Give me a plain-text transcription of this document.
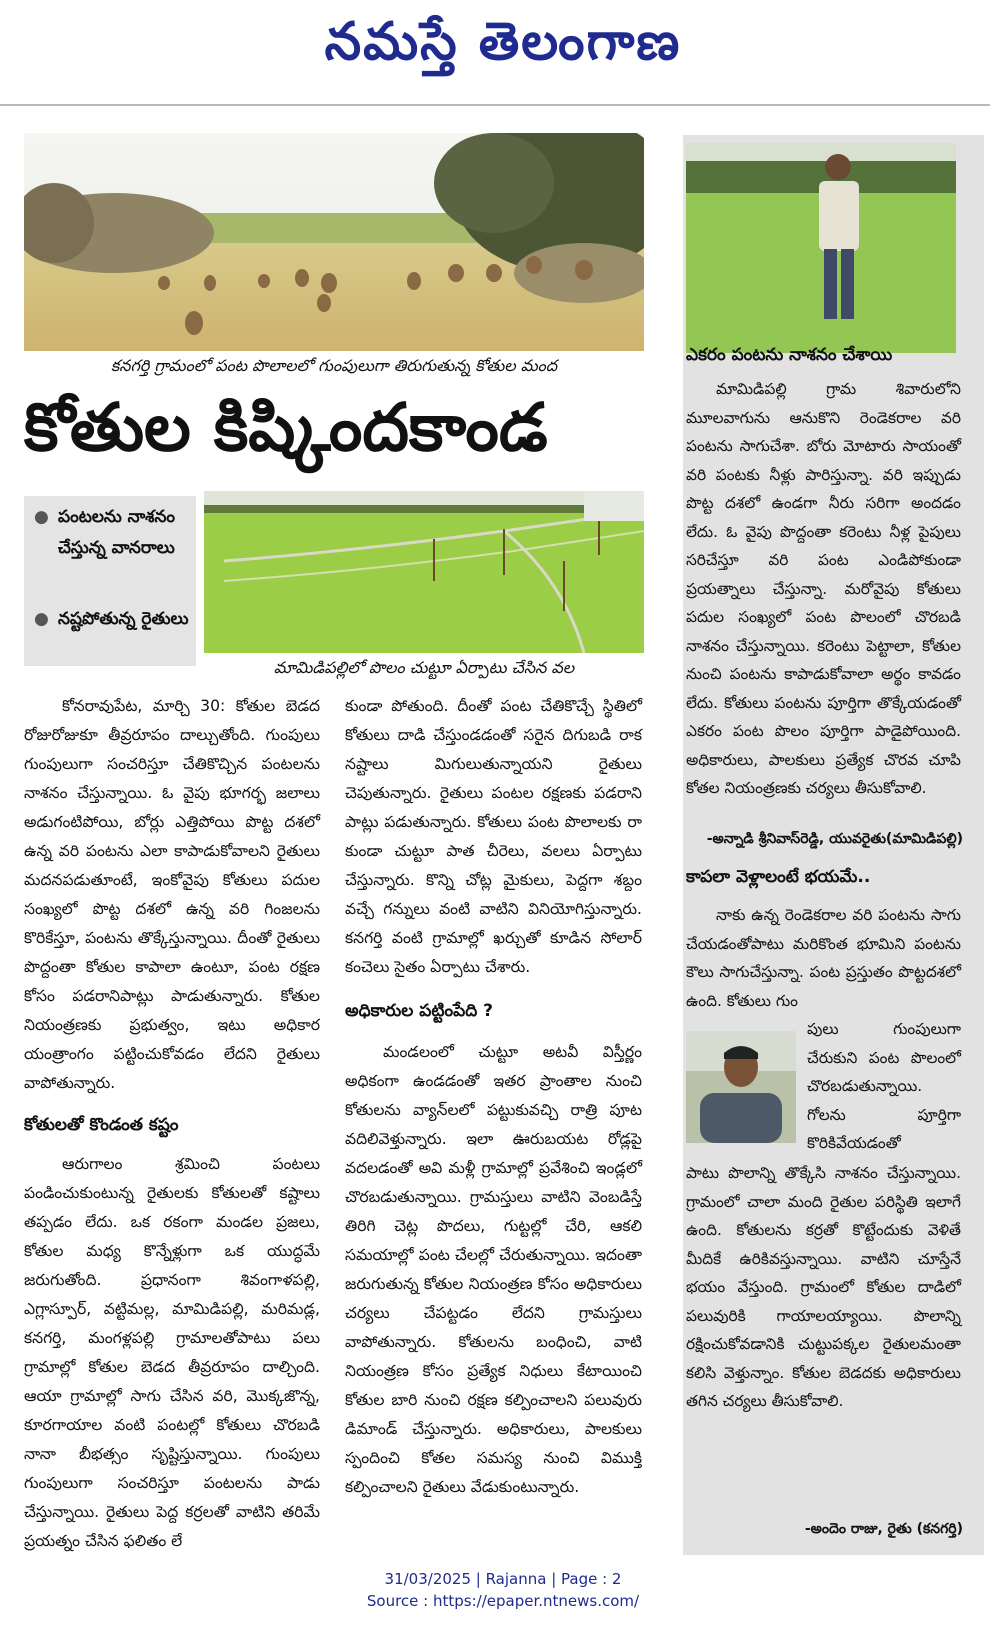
నమస్తే తెలంగాణ
కనగర్తి గ్రామంలో పంట పొలాలలో గుంపులుగా తిరుగుతున్న కోతుల మంద
కోతుల కిష్కిందకాండ
● పంటలను నాశనం చేస్తున్న వానరాలు
● నష్టపోతున్న రైతులు
మామిడిపల్లిలో పొలం చుట్టూ ఏర్పాటు చేసిన వల

కోనరావుపేట, మార్చి 30: కోతుల బెడద రోజురోజుకూ తీవ్రరూపం దాల్చుతోంది. గుంపులు గుంపులుగా సంచరిస్తూ చేతికొచ్చిన పంటలను నాశనం చేస్తున్నాయి. ఓ వైపు భూగర్భ జలాలు అడుగంటిపోయి, బోర్లు ఎత్తిపోయి పొట్ట దశలో ఉన్న వరి పంటను ఎలా కాపాడుకోవాలని రైతులు మదనపడుతూంటే, ఇంకోవైపు కోతులు పదుల సంఖ్యలో పొట్ట దశలో ఉన్న వరి గింజలను కొరికేస్తూ, పంటను తొక్కేస్తున్నాయి. దీంతో రైతులు పొద్దంతా కోతుల కాపాలా ఉంటూ, పంట రక్షణ కోసం పడరానిపాట్లు పాడుతున్నారు. కోతుల నియంత్రణకు ప్రభుత్వం, ఇటు అధికార యంత్రాంగం పట్టించుకోవడం లేదని రైతులు వాపోతున్నారు.

కోతులతో కొండంత కష్టం

ఆరుగాలం శ్రమించి పంటలు పండించుకుంటున్న రైతులకు కోతులతో కష్టాలు తప్పడం లేదు. ఒక రకంగా మండల ప్రజలు, కోతుల మధ్య కొన్నేళ్లుగా ఒక యుద్ధమే జరుగుతోంది. ప్రధానంగా శివంగాళపల్లి, ఎగ్లాస్పూర్, వట్టిమల్ల, మామిడిపల్లి, మరిమడ్ల, కనగర్తి, మంగళ్లపల్లి గ్రామాలతోపాటు పలు గ్రామాల్లో కోతుల బెడద తీవ్రరూపం దాల్చింది. ఆయా గ్రామాల్లో సాగు చేసిన వరి, మొక్కజొన్న, కూరగాయాల వంటి పంటల్లో కోతులు చొరబడి నానా బీభత్సం సృష్టిస్తున్నాయి. గుంపులు గుంపులుగా సంచరిస్తూ పంటలను పాడు చేస్తున్నాయి. రైతులు పెద్ద కర్రలతో వాటిని తరిమే ప్రయత్నం చేసిన ఫలితం లే

కుండా పోతుంది. దీంతో పంట చేతికొచ్చే స్థితిలో కోతులు దాడి చేస్తుండడంతో సరైన దిగుబడి రాక నష్టాలు మిగులుతున్నాయని రైతులు చెపుతున్నారు. రైతులు పంటల రక్షణకు పడరాని పాట్లు పడుతున్నారు. కోతులు పంట పొలాలకు రా కుండా చుట్టూ పాత చీరెలు, వలలు ఏర్పాటు చేస్తున్నారు. కొన్ని చోట్ల మైకులు, పెద్దగా శబ్దం వచ్చే గన్నులు వంటి వాటిని వినియోగిస్తున్నారు. కనగర్తి వంటి గ్రామాల్లో ఖర్చుతో కూడిన సోలార్ కంచెలు సైతం ఏర్పాటు చేశారు.

అధికారుల పట్టింపేది ?

మండలంలో చుట్టూ అటవీ విస్తీర్ణం అధికంగా ఉండడంతో ఇతర ప్రాంతాల నుంచి కోతులను వ్యాన్‌లలో పట్టుకువచ్చి రాత్రి పూట వదిలివెళ్తున్నారు. ఇలా ఊరుబయట రోడ్లపై వదలడంతో అవి మళ్లీ గ్రామాల్లో ప్రవేశించి ఇండ్లలో చొరబడుతున్నాయి. గ్రామస్తులు వాటిని వెంబడిస్తే తిరిగి చెట్ల పొదలు, గుట్టల్లో చేరి, ఆకలి సమయాల్లో పంట చేలల్లో చేరుతున్నాయి. ఇదంతా జరుగుతున్న కోతుల నియంత్రణ కోసం అధికారులు చర్యలు చేపట్టడం లేదని గ్రామస్తులు వాపోతున్నారు. కోతులను బంధించి, వాటి నియంత్రణ కోసం ప్రత్యేక నిధులు కేటాయించి కోతుల బారి నుంచి రక్షణ కల్పించాలని పలువురు డిమాండ్ చేస్తున్నారు. అధికారులు, పాలకులు స్పందించి కోతల సమస్య నుంచి విముక్తి కల్పించాలని రైతులు వేడుకుంటున్నారు.

ఎకరం పంటను నాశనం చేశాయి
మామిడిపల్లి గ్రామ శివారులోని మూలవాగును ఆనుకొని రెండెకరాల వరి పంటను సాగుచేశా. బోరు మోటారు సాయంతో వరి పంటకు నీళ్లు పారిస్తున్నా. వరి ఇప్పుడు పొట్ట దశలో ఉండగా నీరు సరిగా అందడం లేదు. ఓ వైపు పొద్దంతా కరెంటు నీళ్ల పైపులు సరిచేస్తూ వరి పంట ఎండిపోకుండా ప్రయత్నాలు చేస్తున్నా. మరోవైపు కోతులు పదుల సంఖ్యలో పంట పొలంలో చొరబడి నాశనం చేస్తున్నాయి. కరెంటు పెట్టాలా, కోతుల నుంచి పంటను కాపాడుకోవాలా అర్థం కావడం లేదు. కోతులు పంటను పూర్తిగా తొక్కేయడంతో ఎకరం పంట పొలం పూర్తిగా పాడైపోయింది. అధికారులు, పాలకులు ప్రత్యేక చొరవ చూపి కోతల నియంత్రణకు చర్యలు తీసుకోవాలి.
-అన్నాడి శ్రీనివాస్‌రెడ్డి, యువరైతు(మామిడిపల్లి)
కాపలా వెళ్లాలంటే భయమే..
నాకు ఉన్న రెండెకరాల వరి పంటను సాగు చేయడంతోపాటు మరికొంత భూమిని పంటను కౌలు సాగుచేస్తున్నా. పంట ప్రస్తుతం పొట్టదశలో ఉంది. కోతులు గుం
పులు గుంపులుగా చేరుకుని పంట పొలంలో చొరబడుతున్నాయి. గోలను పూర్తిగా కొరికివేయడంతో
పాటు పొలాన్ని తొక్కేసి నాశనం చేస్తున్నాయి. గ్రామంలో చాలా మంది రైతుల పరిస్థితి ఇలాగే ఉంది. కోతులను కర్రతో కొట్టేందుకు వెళితే మీదికే ఉరికివస్తున్నాయి. వాటిని చూస్తేనే భయం వేస్తుంది. గ్రామంలో కోతుల దాడిలో పలువురికి గాయాలయ్యాయి. పొలాన్ని రక్షించుకోవడానికి చుట్టుపక్కల రైతులమంతా కలిసి వెళ్తున్నాం. కోతుల బెడదకు అధికారులు తగిన చర్యలు తీసుకోవాలి.
-అందెం రాజు, రైతు (కనగర్తి)
31/03/2025 | Rajanna | Page : 2
Source : https://epaper.ntnews.com/
